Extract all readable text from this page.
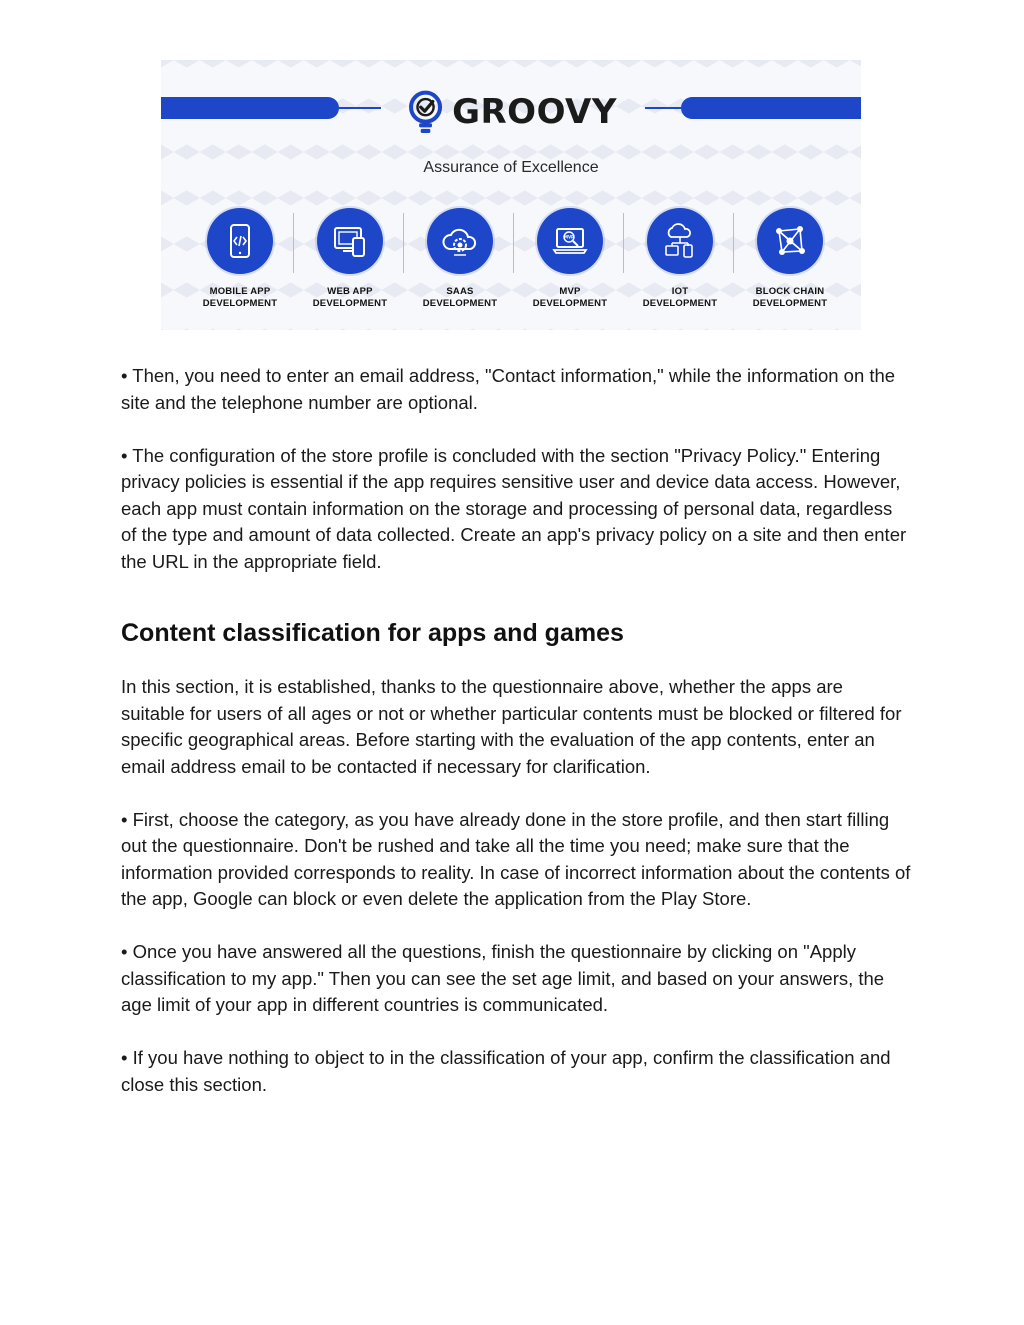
GROOVY
Assurance of Excellence
MOBILE APP
DEVELOPMENT
WEB APP
DEVELOPMENT
SAAS
DEVELOPMENT
MVP
MVP
DEVELOPMENT
IOT
DEVELOPMENT
BLOCK CHAIN
DEVELOPMENT

• Then, you need to enter an email address, "Contact information," while the information on the site and the telephone number are optional.

• The configuration of the store profile is concluded with the section "Privacy Policy." Entering privacy policies is essential if the app requires sensitive user and device data access. However, each app must contain information on the storage and processing of personal data, regardless of the type and amount of data collected. Create an app's privacy policy on a site and then enter the URL in the appropriate field.

Content classification for apps and games

In this section, it is established, thanks to the questionnaire above, whether the apps are suitable for users of all ages or not or whether particular contents must be blocked or filtered for specific geographical areas. Before starting with the evaluation of the app contents, enter an email address email to be contacted if necessary for clarification.

• First, choose the category, as you have already done in the store profile, and then start filling out the questionnaire. Don't be rushed and take all the time you need; make sure that the information provided corresponds to reality. In case of incorrect information about the contents of the app, Google can block or even delete the application from the Play Store.

• Once you have answered all the questions, finish the questionnaire by clicking on "Apply classification to my app." Then you can see the set age limit, and based on your answers, the age limit of your app in different countries is communicated.

• If you have nothing to object to in the classification of your app, confirm the classification and close this section.
